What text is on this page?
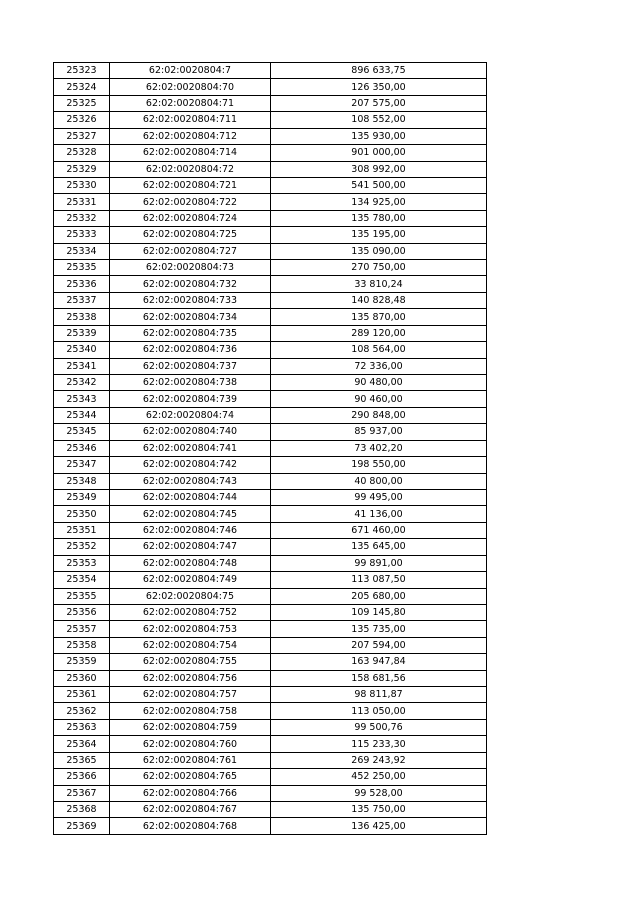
25323	62:02:0020804:7	896 633,75
25324	62:02:0020804:70	126 350,00
25325	62:02:0020804:71	207 575,00
25326	62:02:0020804:711	108 552,00
25327	62:02:0020804:712	135 930,00
25328	62:02:0020804:714	901 000,00
25329	62:02:0020804:72	308 992,00
25330	62:02:0020804:721	541 500,00
25331	62:02:0020804:722	134 925,00
25332	62:02:0020804:724	135 780,00
25333	62:02:0020804:725	135 195,00
25334	62:02:0020804:727	135 090,00
25335	62:02:0020804:73	270 750,00
25336	62:02:0020804:732	33 810,24
25337	62:02:0020804:733	140 828,48
25338	62:02:0020804:734	135 870,00
25339	62:02:0020804:735	289 120,00
25340	62:02:0020804:736	108 564,00
25341	62:02:0020804:737	72 336,00
25342	62:02:0020804:738	90 480,00
25343	62:02:0020804:739	90 460,00
25344	62:02:0020804:74	290 848,00
25345	62:02:0020804:740	85 937,00
25346	62:02:0020804:741	73 402,20
25347	62:02:0020804:742	198 550,00
25348	62:02:0020804:743	40 800,00
25349	62:02:0020804:744	99 495,00
25350	62:02:0020804:745	41 136,00
25351	62:02:0020804:746	671 460,00
25352	62:02:0020804:747	135 645,00
25353	62:02:0020804:748	99 891,00
25354	62:02:0020804:749	113 087,50
25355	62:02:0020804:75	205 680,00
25356	62:02:0020804:752	109 145,80
25357	62:02:0020804:753	135 735,00
25358	62:02:0020804:754	207 594,00
25359	62:02:0020804:755	163 947,84
25360	62:02:0020804:756	158 681,56
25361	62:02:0020804:757	98 811,87
25362	62:02:0020804:758	113 050,00
25363	62:02:0020804:759	99 500,76
25364	62:02:0020804:760	115 233,30
25365	62:02:0020804:761	269 243,92
25366	62:02:0020804:765	452 250,00
25367	62:02:0020804:766	99 528,00
25368	62:02:0020804:767	135 750,00
25369	62:02:0020804:768	136 425,00
